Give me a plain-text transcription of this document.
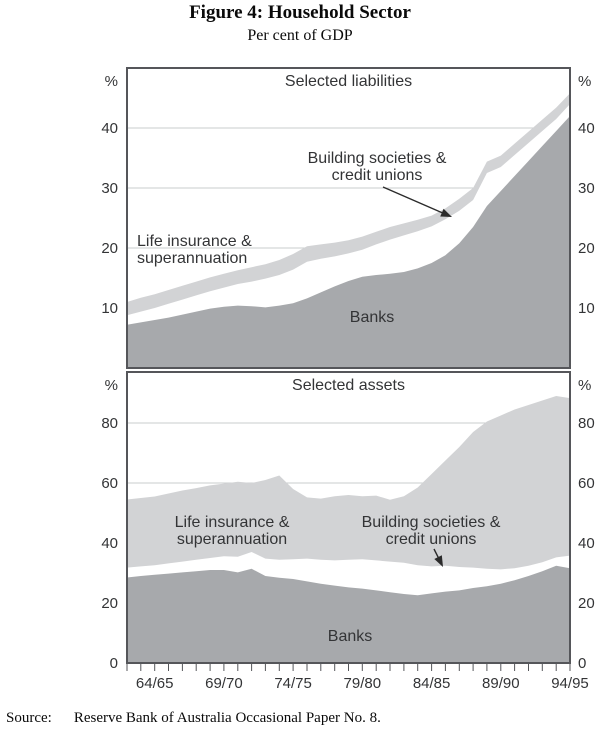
Figure 4: Household Sector
Per cent of GDP
Selected liabilities
%	%
10	10
20	20
30	30
40	40
Life insurance &
superannuation
Building societies &
credit unions
Banks
Selected assets
%	%
0	0
20	20
40	40
60	60
80	80
64/65 69/70 74/75 79/80 84/85 89/90 94/95
Life insurance &
superannuation
Building societies &
credit unions
Banks
Source: Reserve Bank of Australia Occasional Paper No. 8.
